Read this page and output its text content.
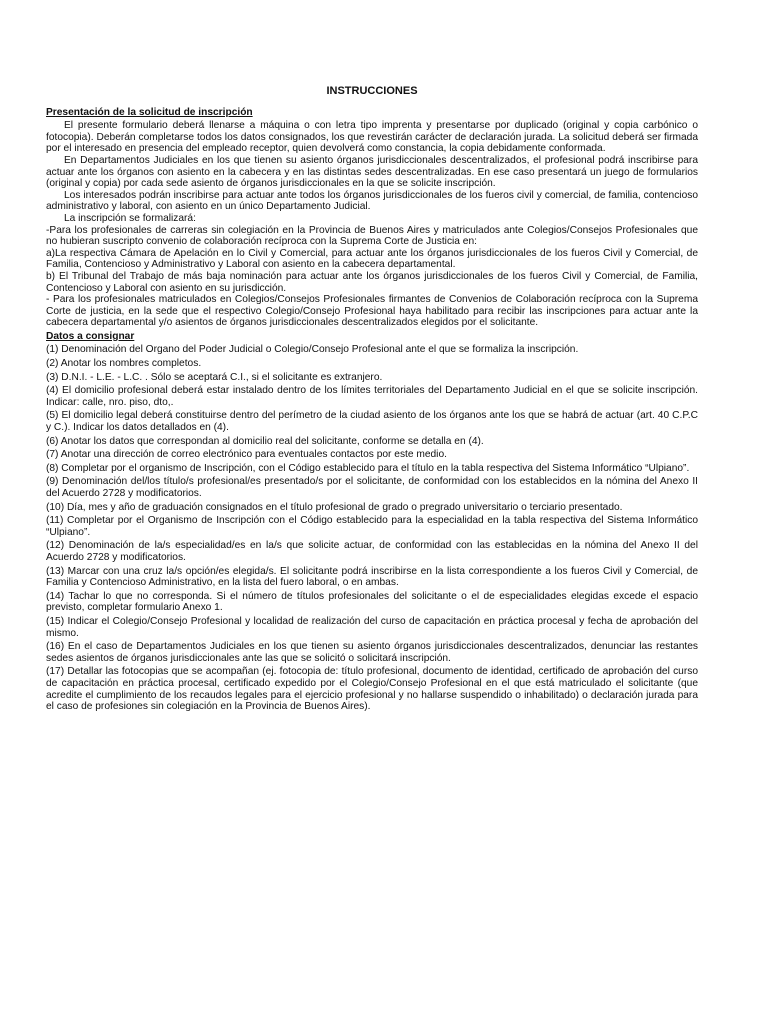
INSTRUCCIONES
Presentación de la solicitud de inscripción

El presente formulario deberá llenarse a máquina o con letra tipo imprenta y presentarse por duplicado (original y copia carbónico o fotocopia). Deberán completarse todos los datos consignados, los que revestirán carácter de declaración jurada. La solicitud deberá ser firmada por el interesado en presencia del empleado receptor, quien devolverá como constancia, la copia debidamente conformada.

En Departamentos Judiciales en los que tienen su asiento órganos jurisdiccionales descentralizados, el profesional podrá inscribirse para actuar ante los órganos con asiento en la cabecera y en las distintas sedes descentralizadas. En ese caso presentará un juego de formularios (original y copia) por cada sede asiento de órganos jurisdiccionales en la que se solicite inscripción.

Los interesados podrán inscribirse para actuar ante todos los órganos jurisdiccionales de los fueros civil y comercial, de familia, contencioso administrativo y laboral, con asiento en un único Departamento Judicial.

La inscripción se formalizará:

-Para los profesionales de carreras sin colegiación en la Provincia de Buenos Aires y matriculados ante Colegios/Consejos Profesionales que no hubieran suscripto convenio de colaboración recíproca con la Suprema Corte de Justicia en:

a)La respectiva Cámara de Apelación en lo Civil y Comercial, para actuar ante los órganos jurisdiccionales de los fueros Civil y Comercial, de Familia, Contencioso y Administrativo y Laboral con asiento en la cabecera departamental.

b) El Tribunal del Trabajo de más baja nominación para actuar ante los órganos jurisdiccionales de los fueros Civil y Comercial, de Familia, Contencioso y Laboral con asiento en su jurisdicción.

- Para los profesionales matriculados en Colegios/Consejos Profesionales firmantes de Convenios de Colaboración recíproca con la Suprema Corte de justicia, en la sede que el respectivo Colegio/Consejo Profesional haya habilitado para recibir las inscripciones para actuar ante la cabecera departamental y/o asientos de órganos jurisdiccionales descentralizados elegidos por el solicitante.

Datos a consignar

(1) Denominación del Organo del Poder Judicial o Colegio/Consejo Profesional ante el que se formaliza la inscripción.

(2) Anotar los nombres completos.

(3) D.N.I. - L.E. - L.C. . Sólo se aceptará C.I., si el solicitante es extranjero.

(4) El domicilio profesional deberá estar instalado dentro de los límites territoriales del Departamento Judicial en el que se solicite inscripción. Indicar: calle, nro. piso, dto,.

(5) El domicilio legal deberá constituirse dentro del perímetro de la ciudad asiento de los órganos ante los que se habrá de actuar (art. 40 C.P.C y C.). Indicar los datos detallados en (4).

(6) Anotar los datos que correspondan al domicilio real del solicitante, conforme se detalla en (4).

(7) Anotar una dirección de correo electrónico para eventuales contactos por este medio.

(8) Completar por el organismo de Inscripción, con el Código establecido para el título en la tabla respectiva del Sistema Informático “Ulpiano”.

(9) Denominación del/los título/s profesional/es presentado/s por el solicitante, de conformidad con los establecidos en la nómina del Anexo II del Acuerdo 2728 y modificatorios.

(10) Día, mes y año de graduación consignados en el título profesional de grado o pregrado universitario o terciario presentado.

(11) Completar por el Organismo de Inscripción con el Código establecido para la especialidad en la tabla respectiva del Sistema Informático “Ulpiano”.

(12) Denominación de la/s especialidad/es en la/s que solicite actuar, de conformidad con las establecidas en la nómina del Anexo II del Acuerdo 2728 y modificatorios.

(13) Marcar con una cruz la/s opción/es elegida/s. El solicitante podrá inscribirse en la lista correspondiente a los fueros Civil y Comercial, de Familia y Contencioso Administrativo, en la lista del fuero laboral, o en ambas.

(14) Tachar lo que no corresponda. Si el número de títulos profesionales del solicitante o el de especialidades elegidas excede el espacio previsto, completar formulario Anexo 1.

(15) Indicar el Colegio/Consejo Profesional y localidad de realización del curso de capacitación en práctica procesal y fecha de aprobación del mismo.

(16) En el caso de Departamentos Judiciales en los que tienen su asiento órganos jurisdiccionales descentralizados, denunciar las restantes sedes asientos de órganos jurisdiccionales ante las que se solicitó o solicitará inscripción.

(17) Detallar las fotocopias que se acompañan (ej. fotocopia de: título profesional, documento de identidad, certificado de aprobación del curso de capacitación en práctica procesal, certificado expedido por el Colegio/Consejo Profesional en el que está matriculado el solicitante (que acredite el cumplimiento de los recaudos legales para el ejercicio profesional y no hallarse suspendido o inhabilitado) o declaración jurada para el caso de profesiones sin colegiación en la Provincia de Buenos Aires).
